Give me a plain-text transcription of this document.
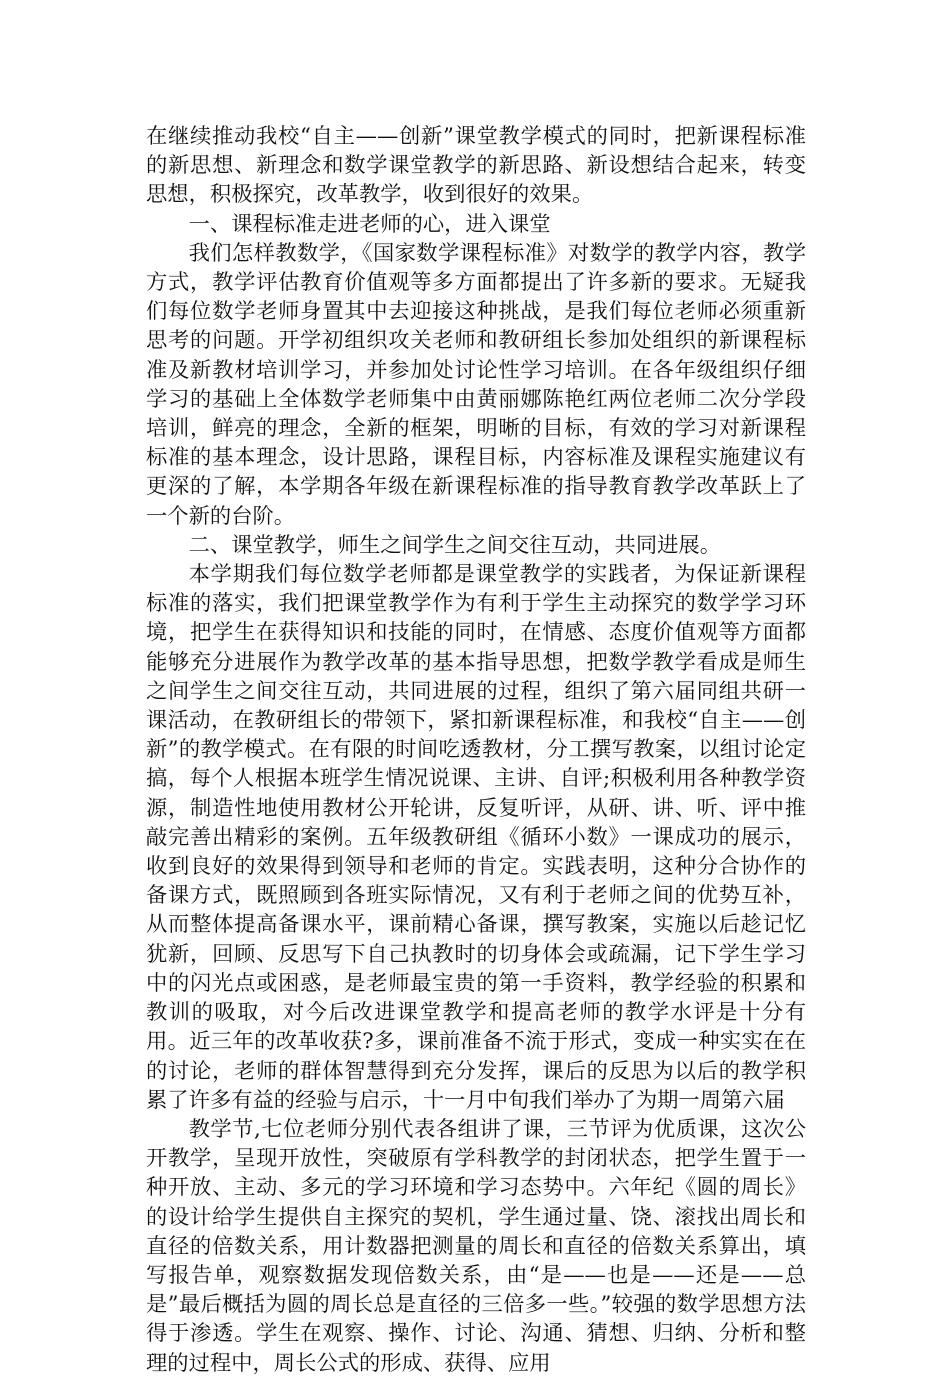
在继续推动我校“自主——创新”课堂教学模式的同时，把新课程标准的新思想、新理念和数学课堂教学的新思路、新设想结合起来，转变思想，积极探究，改革教学，收到很好的效果。

一、课程标准走进老师的心，进入课堂

我们怎样教数学，《国家数学课程标准》对数学的教学内容，教学方式，教学评估教育价值观等多方面都提出了许多新的要求。无疑我们每位数学老师身置其中去迎接这种挑战，是我们每位老师必须重新思考的问题。开学初组织攻关老师和教研组长参加处组织的新课程标准及新教材培训学习，并参加处讨论性学习培训。在各年级组织仔细学习的基础上全体数学老师集中由黄丽娜陈艳红两位老师二次分学段培训，鲜亮的理念，全新的框架，明晰的目标，有效的学习对新课程标准的基本理念，设计思路，课程目标，内容标准及课程实施建议有更深的了解，本学期各年级在新课程标准的指导教育教学改革跃上了一个新的台阶。

二、课堂教学，师生之间学生之间交往互动，共同进展。

本学期我们每位数学老师都是课堂教学的实践者，为保证新课程标准的落实，我们把课堂教学作为有利于学生主动探究的数学学习环境，把学生在获得知识和技能的同时，在情感、态度价值观等方面都能够充分进展作为教学改革的基本指导思想，把数学教学看成是师生之间学生之间交往互动，共同进展的过程，组织了第六届同组共研一课活动，在教研组长的带领下，紧扣新课程标准，和我校“自主——创新”的教学模式。在有限的时间吃透教材，分工撰写教案，以组讨论定搞，每个人根据本班学生情况说课、主讲、自评;积极利用各种教学资源，制造性地使用教材公开轮讲，反复听评，从研、讲、听、评中推敲完善出精彩的案例。五年级教研组《循环小数》一课成功的展示，收到良好的效果得到领导和老师的肯定。实践表明，这种分合协作的备课方式，既照顾到各班实际情况，又有利于老师之间的优势互补，从而整体提高备课水平，课前精心备课，撰写教案，实施以后趁记忆犹新，回顾、反思写下自己执教时的切身体会或疏漏，记下学生学习中的闪光点或困惑，是老师最宝贵的第一手资料，教学经验的积累和教训的吸取，对今后改进课堂教学和提高老师的教学水评是十分有用。近三年的改革收获?多，课前准备不流于形式，变成一种实实在在的讨论，老师的群体智慧得到充分发挥，课后的反思为以后的教学积累了许多有益的经验与启示，十一月中旬我们举办了为期一周第六届

教学节,七位老师分别代表各组讲了课，三节评为优质课，这次公开教学，呈现开放性，突破原有学科教学的封闭状态，把学生置于一种开放、主动、多元的学习环境和学习态势中。六年纪《圆的周长》的设计给学生提供自主探究的契机，学生通过量、饶、滚找出周长和直径的倍数关系，用计数器把测量的周长和直径的倍数关系算出，填写报告单，观察数据发现倍数关系，由“是——也是——还是——总是”最后概括为圆的周长总是直径的三倍多一些。”较强的数学思想方法得于渗透。学生在观察、操作、讨论、沟通、猜想、归纳、分析和整理的过程中，周长公式的形成、获得、应用
